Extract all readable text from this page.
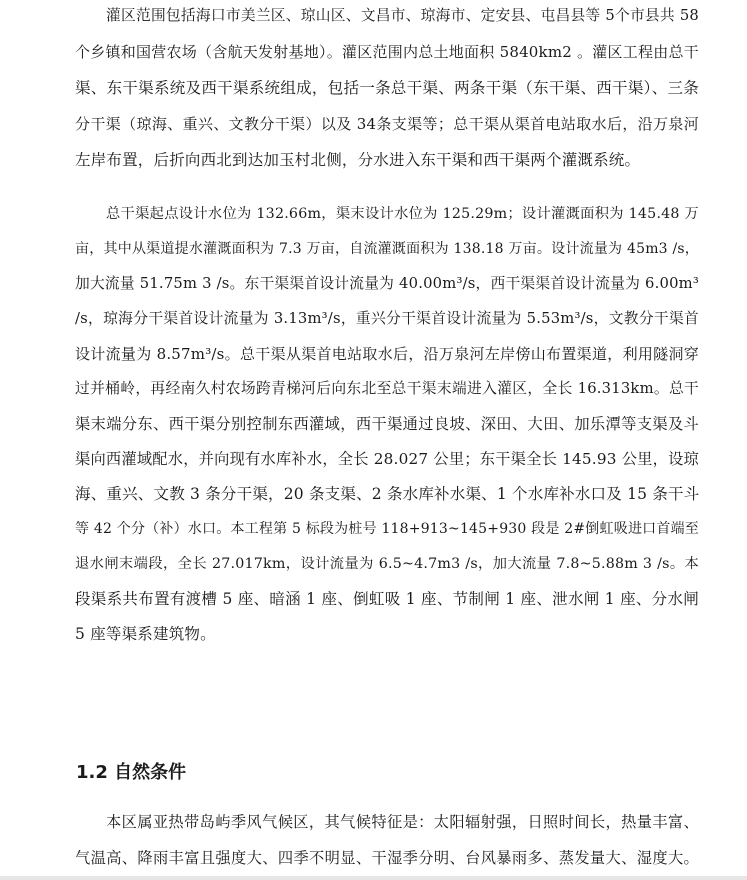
灌区范围包括海口市美兰区、琼山区、文昌市、琼海市、定安县、屯昌县等 5个市县共 58
个乡镇和国营农场（含航天发射基地）。灌区范围内总土地面积 5840km2 。灌区工程由总干
渠、东干渠系统及西干渠系统组成，包括一条总干渠、两条干渠（东干渠、西干渠）、三条
分干渠（琼海、重兴、文教分干渠）以及 34条支渠等；总干渠从渠首电站取水后，沿万泉河
左岸布置，后折向西北到达加玉村北侧，分水进入东干渠和西干渠两个灌溉系统。
总干渠起点设计水位为 132.66m，渠末设计水位为 125.29m；设计灌溉面积为 145.48 万
亩，其中从渠道提水灌溉面积为 7.3 万亩，自流灌溉面积为 138.18 万亩。设计流量为 45m3 /s，
加大流量 51.75m 3 /s。东干渠渠首设计流量为 40.00m³/s，西干渠渠首设计流量为 6.00m³
/s，琼海分干渠首设计流量为 3.13m³/s，重兴分干渠首设计流量为 5.53m³/s，文教分干渠首
设计流量为 8.57m³/s。总干渠从渠首电站取水后，沿万泉河左岸傍山布置渠道，利用隧洞穿
过并桶岭，再经南久村农场跨青梯河后向东北至总干渠末端进入灌区，全长 16.313km。总干
渠末端分东、西干渠分别控制东西灌域，西干渠通过良坡、深田、大田、加乐潭等支渠及斗
渠向西灌域配水，并向现有水库补水，全长 28.027 公里；东干渠全长 145.93 公里，设琼
海、重兴、文教 3 条分干渠，20 条支渠、2 条水库补水渠、1 个水库补水口及 15 条干斗
等 42 个分（补）水口。本工程第 5 标段为桩号 118+913~145+930 段是 2#倒虹吸进口首端至
退水闸末端段，全长 27.017km，设计流量为 6.5~4.7m3 /s，加大流量 7.8~5.88m 3 /s。本
段渠系共布置有渡槽 5 座、暗涵 1 座、倒虹吸 1 座、节制闸 1 座、泄水闸 1 座、分水闸
5 座等渠系建筑物。
1.2 自然条件
本区属亚热带岛屿季风气候区，其气候特征是：太阳辐射强，日照时间长，热量丰富、
气温高、降雨丰富且强度大、四季不明显、干湿季分明、台风暴雨多、蒸发量大、湿度大。
